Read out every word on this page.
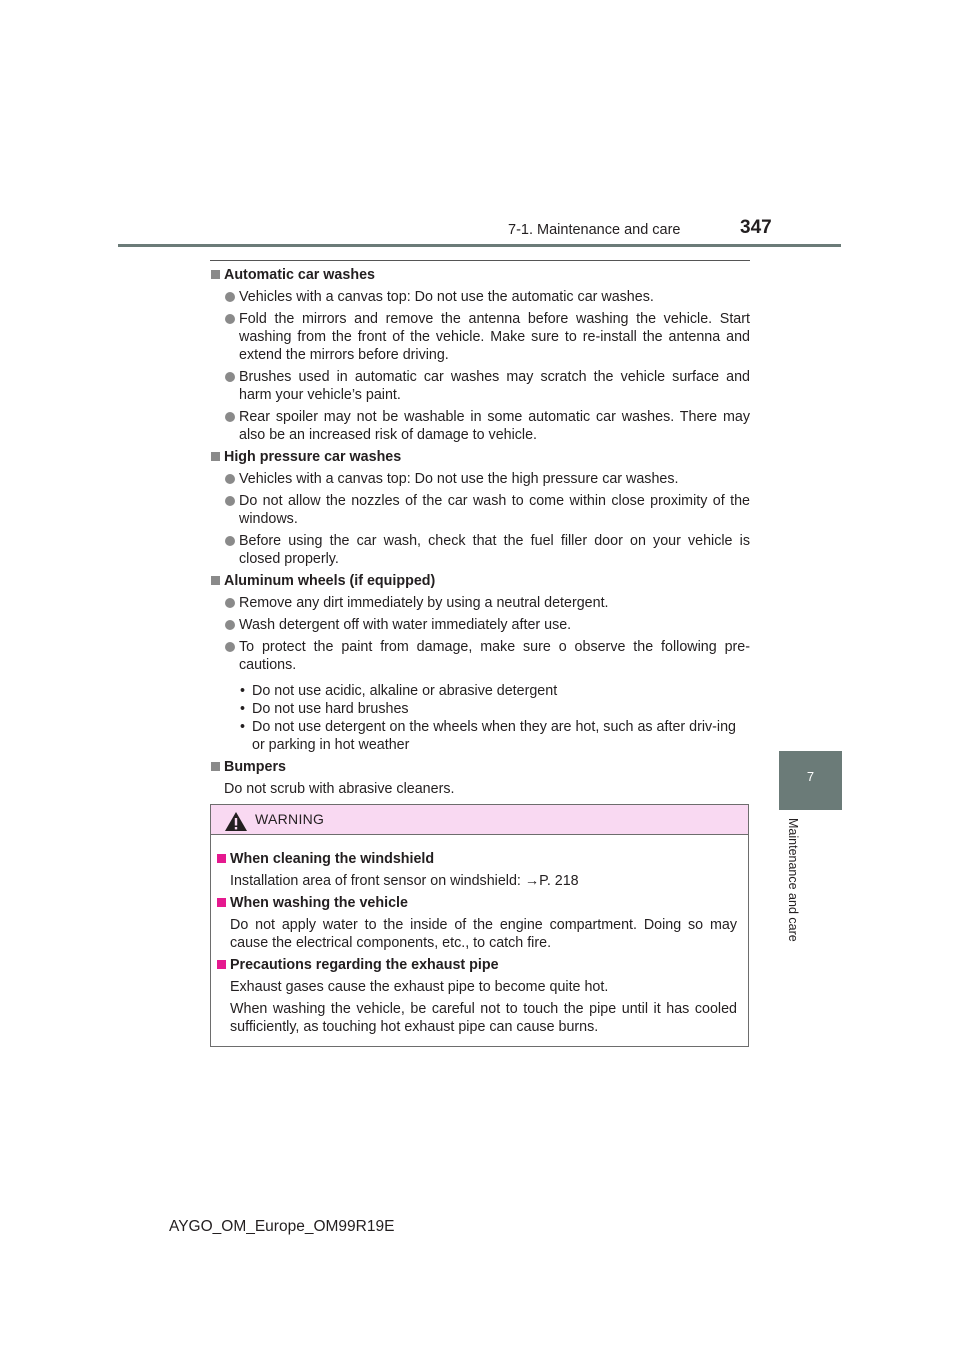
7-1. Maintenance and care	347
7
Maintenance and care

Automatic car washes

Vehicles with a canvas top: Do not use the automatic car washes.

Fold the mirrors and remove the antenna before washing the vehicle. Start washing from the front of the vehicle. Make sure to re-install the antenna and extend the mirrors before driving.

Brushes used in automatic car washes may scratch the vehicle surface and harm your vehicle’s paint.

Rear spoiler may not be washable in some automatic car washes. There may also be an increased risk of damage to vehicle.

High pressure car washes

Vehicles with a canvas top: Do not use the high pressure car washes.

Do not allow the nozzles of the car wash to come within close proximity of the windows.

Before using the car wash, check that the fuel filler door on your vehicle is closed properly.

Aluminum wheels (if equipped)

Remove any dirt immediately by using a neutral detergent.

Wash detergent off with water immediately after use.

To protect the paint from damage, make sure o observe the following pre-cautions.

• Do not use acidic, alkaline or abrasive detergent

• Do not use hard brushes

• Do not use detergent on the wheels when they are hot, such as after driv-ing or parking in hot weather

Bumpers

Do not scrub with abrasive cleaners.

WARNING

When cleaning the windshield

Installation area of front sensor on windshield: →P. 218

When washing the vehicle

Do not apply water to the inside of the engine compartment. Doing so may cause the electrical components, etc., to catch fire.

Precautions regarding the exhaust pipe

Exhaust gases cause the exhaust pipe to become quite hot.

When washing the vehicle, be careful not to touch the pipe until it has cooled sufficiently, as touching hot exhaust pipe can cause burns.

AYGO_OM_Europe_OM99R19E
